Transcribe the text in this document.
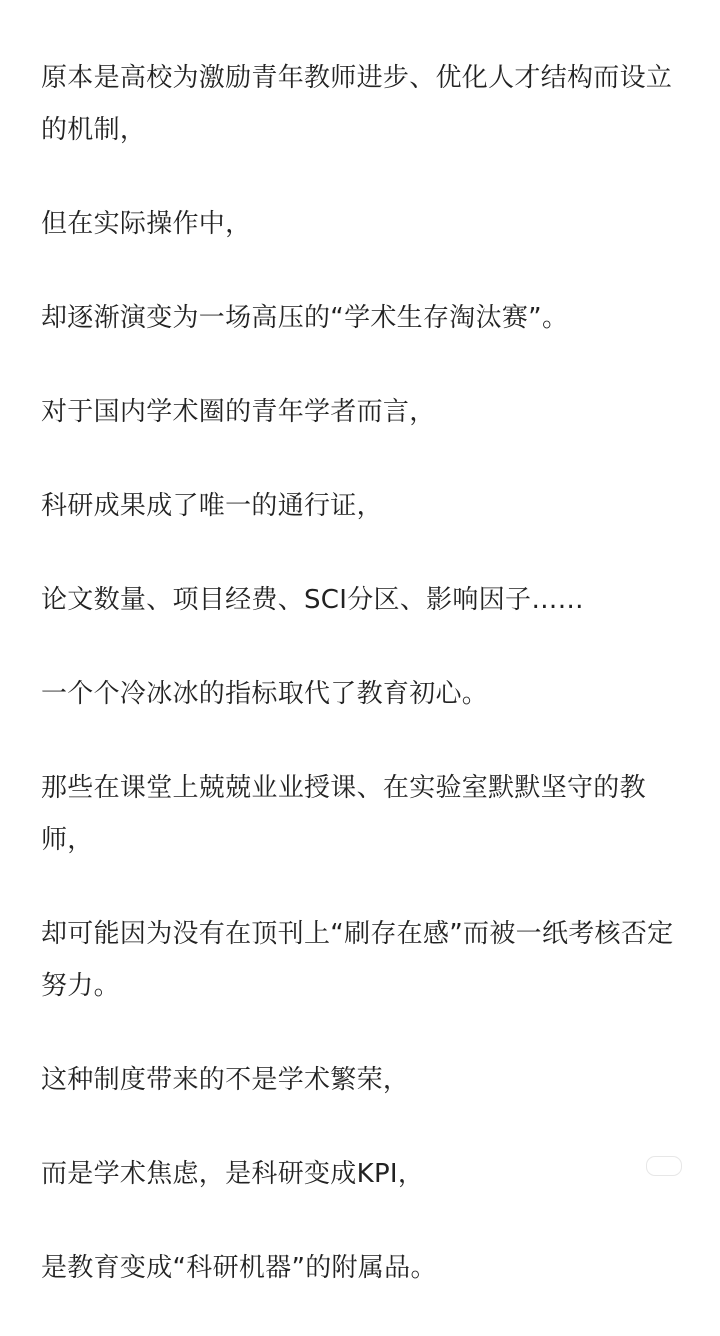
原本是高校为激励青年教师进步、优化人才结构而设立的机制，

但在实际操作中，

却逐渐演变为一场高压的“学术生存淘汰赛”。

对于国内学术圈的青年学者而言，

科研成果成了唯一的通行证，

论文数量、项目经费、SCI分区、影响因子……

一个个冷冰冰的指标取代了教育初心。

那些在课堂上兢兢业业授课、在实验室默默坚守的教师，

却可能因为没有在顶刊上“刷存在感”而被一纸考核否定努力。

这种制度带来的不是学术繁荣，

而是学术焦虑，是科研变成KPI，

是教育变成“科研机器”的附属品。
